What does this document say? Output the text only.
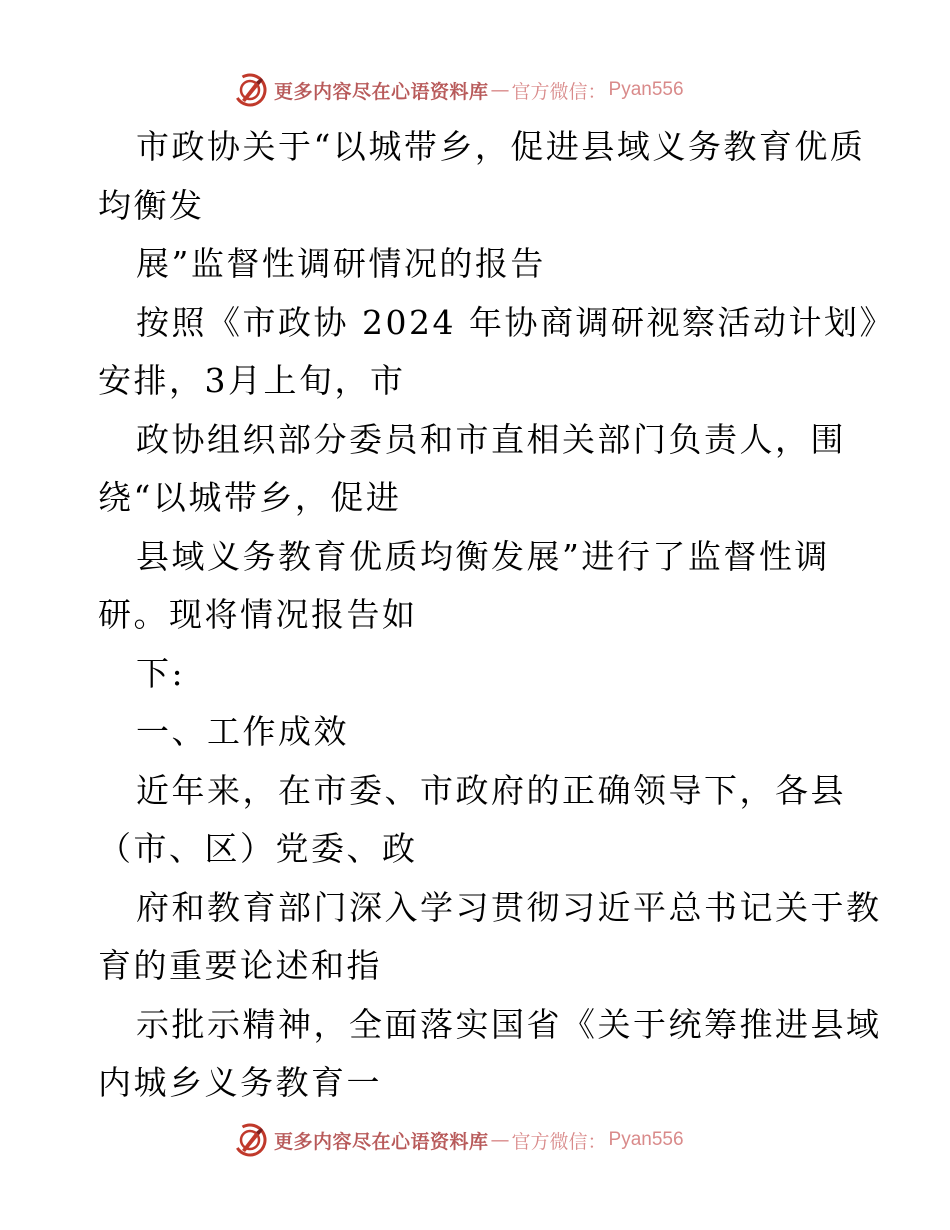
更多内容尽在心语资料库 — 官方微信： Pyan556
市政协关于“以城带乡，促进县域义务教育优质
均衡发
展”监督性调研情况的报告
按照《市政协 2024 年协商调研视察活动计划》
安排，3月上旬，市
政协组织部分委员和市直相关部门负责人，围
绕“以城带乡，促进
县域义务教育优质均衡发展”进行了监督性调
研。现将情况报告如
下:
一、工作成效
近年来，在市委、市政府的正确领导下，各县
（市、区）党委、政
府和教育部门深入学习贯彻习近平总书记关于教
育的重要论述和指
示批示精神，全面落实国省《关于统筹推进县域
内城乡义务教育一
更多内容尽在心语资料库 — 官方微信： Pyan556
